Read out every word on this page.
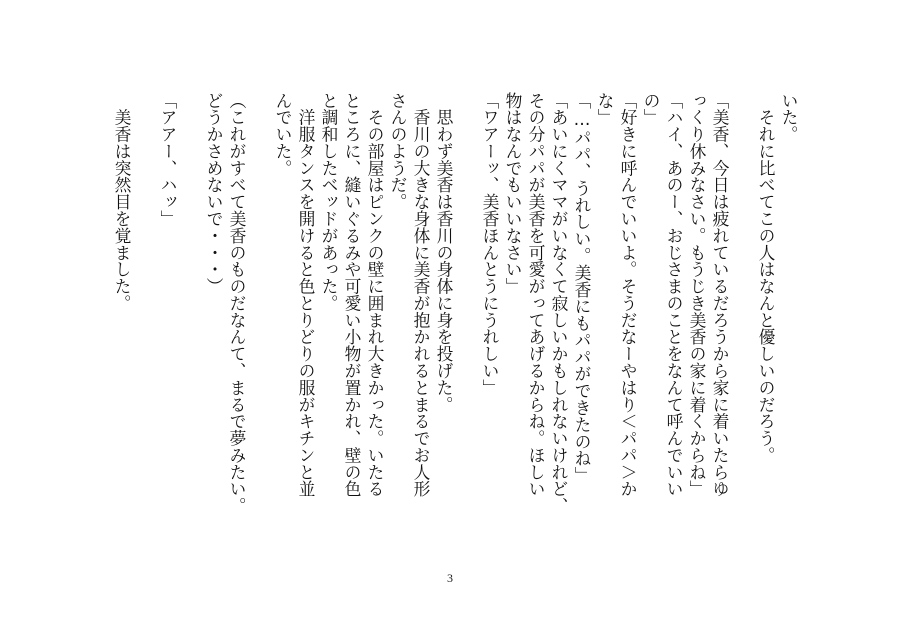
いた。
　それに比べてこの人はなんと優しいのだろう。
「美香、今日は疲れているだろうから家に着いたらゆ
っくり休みなさい。もうじき美香の家に着くからね」
「ハイ、あのー、おじさまのことをなんて呼んでいい
の」
「好きに呼んでいいよ。そうだなーやはり＜パパ＞か
な」
「…パパ、うれしい。美香にもパパができたのね」
「あいにくママがいなくて寂しいかもしれないけれど、
その分パパが美香を可愛がってあげるからね。ほしい
物はなんでもいいなさい」
「ワアーッ、美香ほんとうにうれしい」
　思わず美香は香川の身体に身を投げた。
　香川の大きな身体に美香が抱かれるとまるでお人形
さんのようだ。
　その部屋はピンクの壁に囲まれ大きかった。いたる
ところに、縫いぐるみや可愛い小物が置かれ、壁の色
と調和したベッドがあった。
　洋服タンスを開けると色とりどりの服がキチンと並
んでいた。
（これがすべて美香のものだなんて、まるで夢みたい。
どうかさめないで・・・）
「アアー、ハッ」
　美香は突然目を覚ました。
3
